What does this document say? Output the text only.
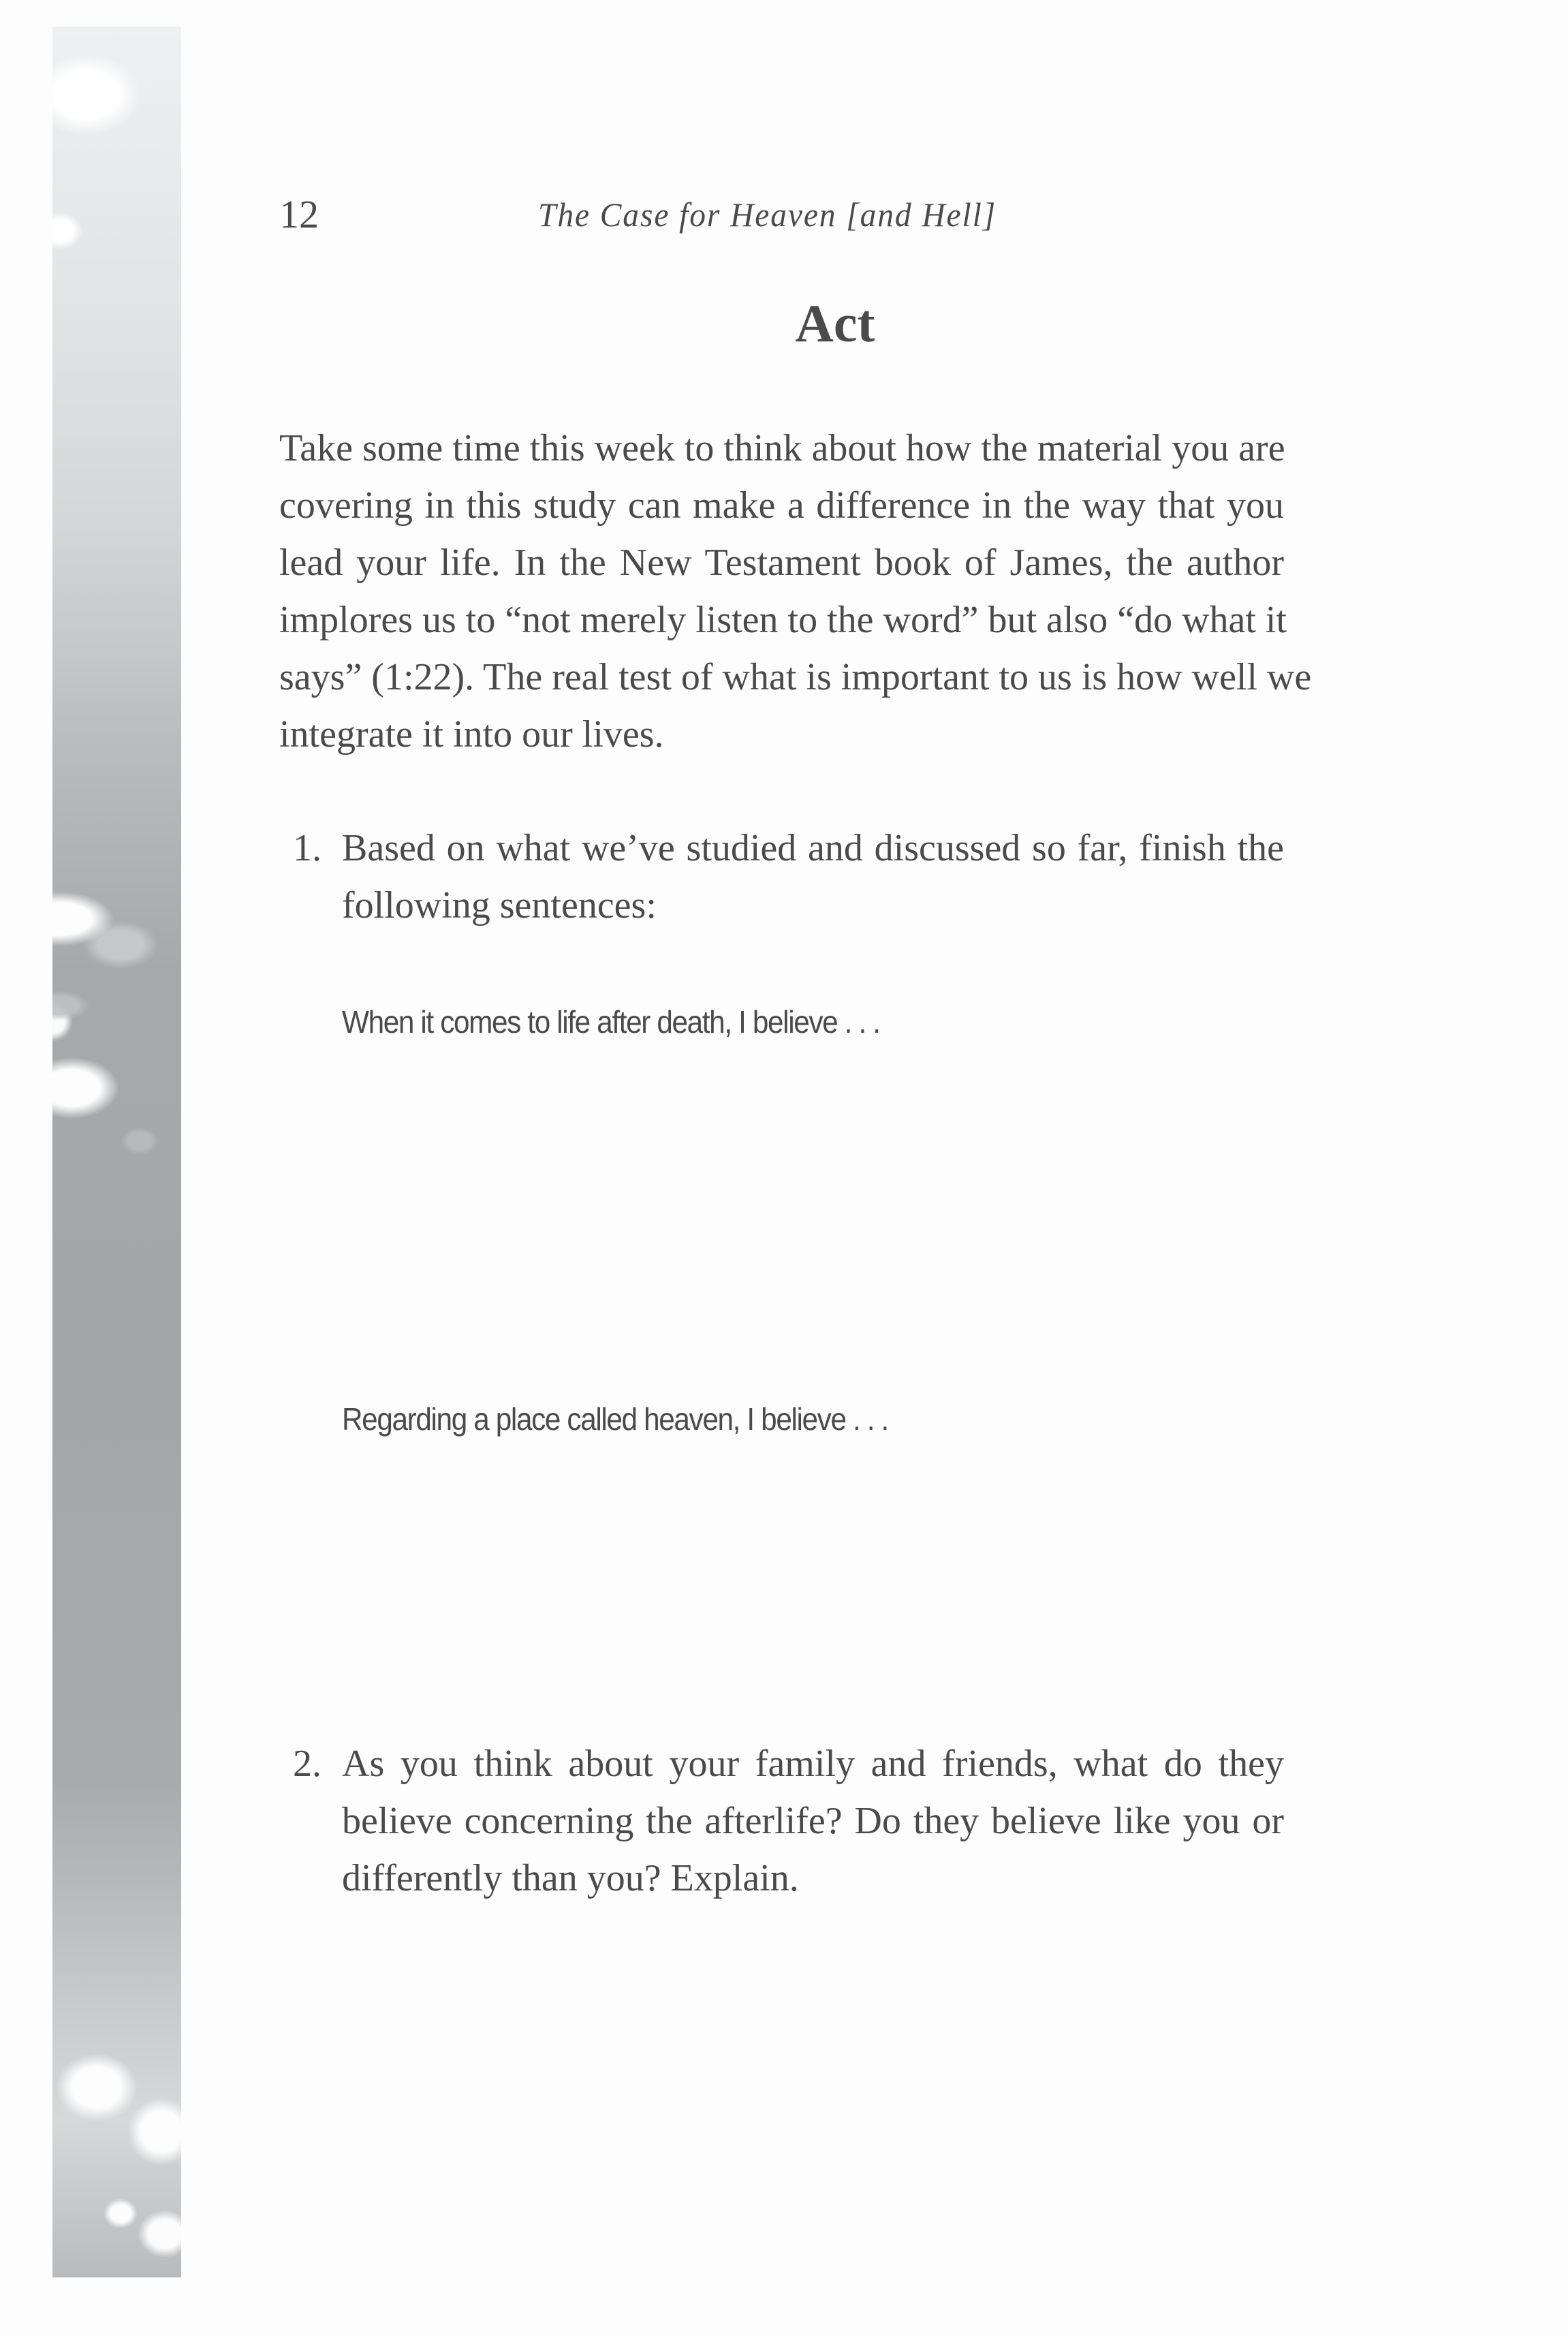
12	The Case for Heaven [and Hell]
Act
Take some time this week to think about how the material you are
covering in this study can make a difference in the way that you
lead your life. In the New Testament book of James, the author
implores us to “not merely listen to the word” but also “do what it
says” (1:22). The real test of what is important to us is how well we
integrate it into our lives.
1. Based on what we’ve studied and discussed so far, finish the
following sentences:
When it comes to life after death, I believe . . .
Regarding a place called heaven, I believe . . .
2. As you think about your family and friends, what do they
believe concerning the afterlife? Do they believe like you or
differently than you? Explain.
